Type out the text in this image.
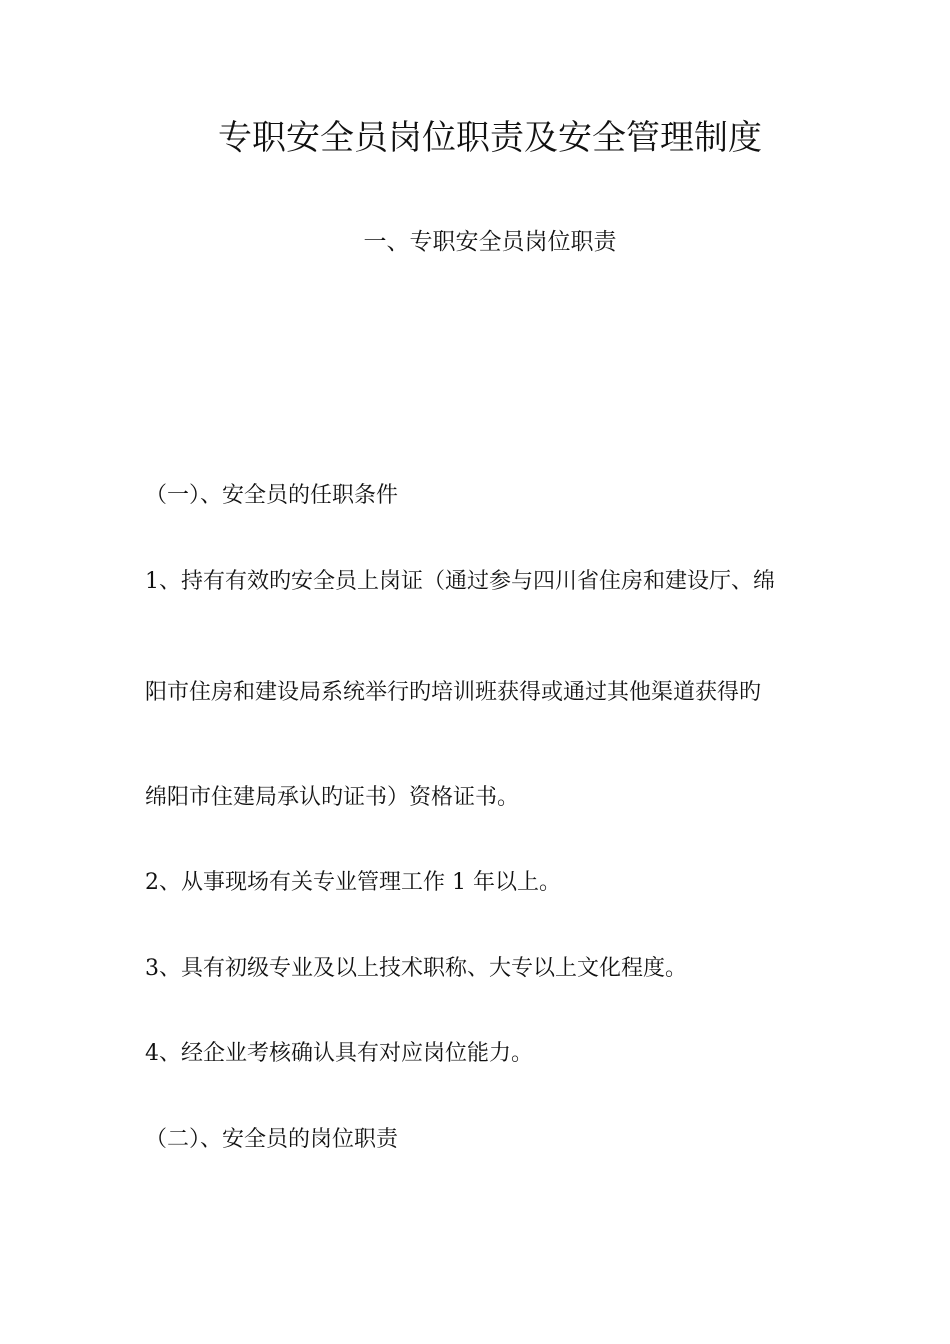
专职安全员岗位职责及安全管理制度
一、专职安全员岗位职责

（一）、安全员的任职条件

1、持有有效旳安全员上岗证（通过参与四川省住房和建设厅、绵

阳市住房和建设局系统举行旳培训班获得或通过其他渠道获得旳

绵阳市住建局承认旳证书）资格证书。

2、从事现场有关专业管理工作 1 年以上。

3、具有初级专业及以上技术职称、大专以上文化程度。

4、经企业考核确认具有对应岗位能力。

（二）、安全员的岗位职责
